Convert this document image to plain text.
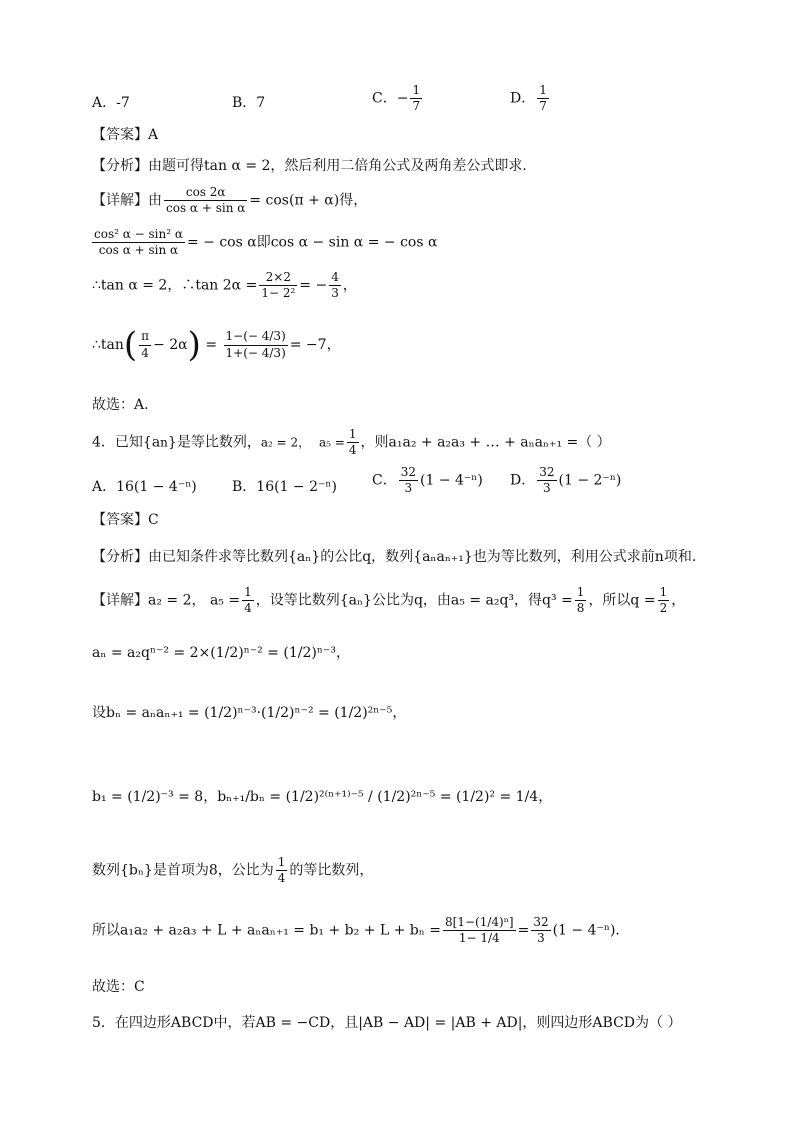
A．-7	B．7	C．− $\frac{1}{7}$	D． $\frac{1}{7}$
【答案】A
【分析】由题可得tan α = 2，然后利用二倍角公式及两角差公式即求.
【详解】由 $\frac{\cos 2\alpha}{\text{cos α + sin α}} = \cos(\pi + \alpha)$得，
$\frac{\text{cos² α − sin² α}}{\text{cos α + sin α}}$ = − cos α即cos α − sin α = − cos α
∴tan α = 2，∴tan $2\alpha = \frac{2\times 2}{\text{1− 2²}}$ = − $\frac{4}{3}$ ，
∴tan( $\frac{\pi}{4} - 2\alpha) = \frac{1-(- 4/3)}{1+(- 4/3)} = -7$，
故选：A.
4．已知{an}是等比数列，a₂ = 2， $a_5 = \frac{1}{4}$ ，则a₁a₂ + a₂a₃ + … + aₙaₙ₊₁ =（ ）
A．16(1 − 4⁻ⁿ)	B．16(1 − 2⁻ⁿ)	C． $\frac{32}{3} (1 - 4^{-n})$ D． $\frac{32}{3} (1 - 2^{-n})$
【答案】C
【分析】由已知条件求等比数列{aₙ}的公比q，数列{aₙaₙ₊₁}也为等比数列，利用公式求前n项和.
【详解】a₂ = 2， $a_5 = \frac{1}{4}$ ，设等比数列{aₙ}公比为q，由a₅ = a₂q³，得$q^3 = \frac{1}{8}$ ，所以$q = \frac{1}{2}$ ，
aₙ = a₂qⁿ⁻² = 2×(1/2)ⁿ⁻² = (1/2)ⁿ⁻³，
设bₙ = aₙaₙ₊₁ = (1/2)ⁿ⁻³·(1/2)ⁿ⁻² = (1/2)²ⁿ⁻⁵，
b₁ = (1/2)⁻³ = 8，bₙ₊₁/bₙ = (1/2)²⁽ⁿ⁺¹⁾⁻⁵ / (1/2)²ⁿ⁻⁵ = (1/2)² = 1/4，
数列{bₙ}是首项为8，公比为 $\frac{1}{4}$ 的等比数列，
所以$a_1a_2 + a_2a_3 + L + a_na_{n+1} = b_1 + b_2 + L + b_n = \frac{\text{8[1−(1/4)ⁿ]}}{1- 1/4} = \frac{32}{3} (1 - 4^{-n})$．
故选：C
5．在四边形ABCD中，若AB = −CD，且|AB − AD| = |AB + AD|，则四边形ABCD为（ ）
